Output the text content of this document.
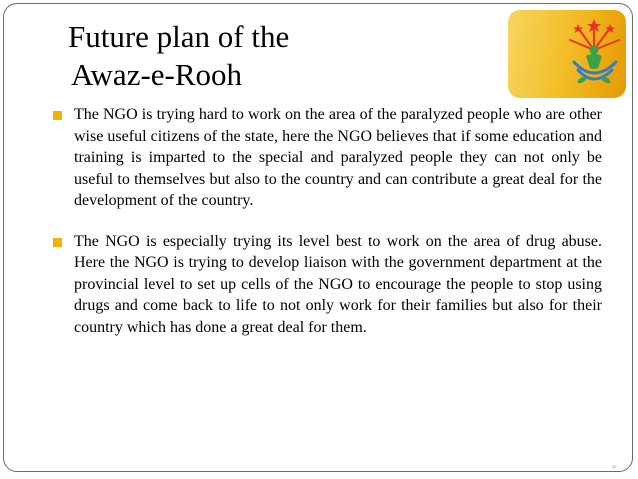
Future plan of the
Awaz-e-Rooh

The NGO is trying hard to work on the area of the paralyzed people who are other wise useful citizens of the state, here the NGO believes that if some education and training is imparted to the special and paralyzed people they can not only be useful to themselves but also to the country and can contribute a great deal for the development of the country.

The NGO is especially trying its level best to work on the area of drug abuse. Here the NGO is trying to develop liaison with the government department at the provincial level to set up cells of the NGO to encourage the people to stop using drugs and come back to life to not only work for their families but also for their country which has done a great deal for them.
